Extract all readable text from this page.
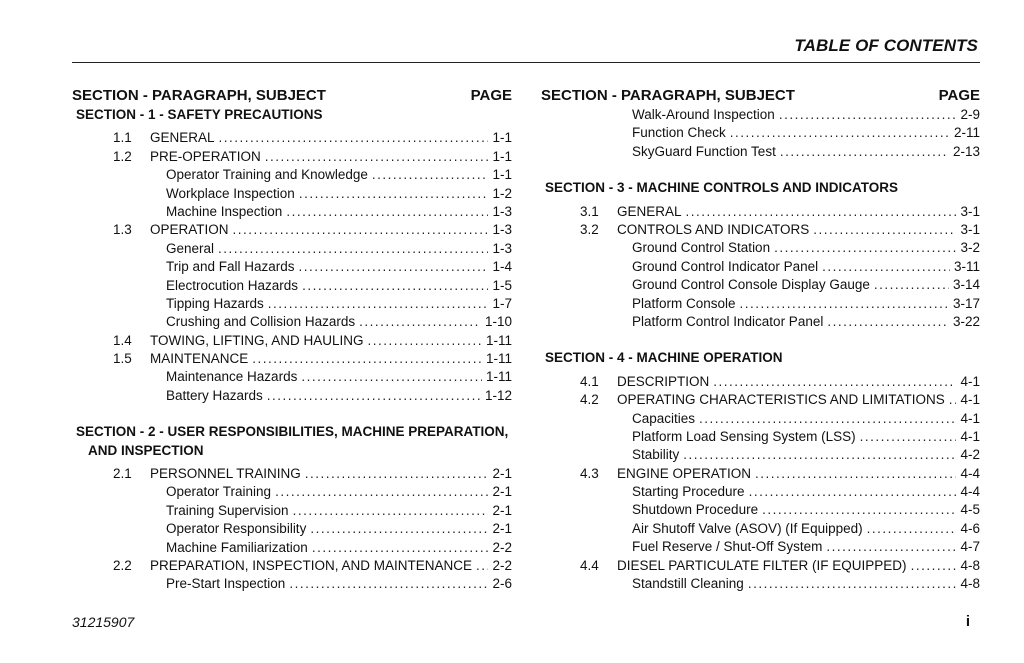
TABLE OF CONTENTS
SECTION - PARAGRAPH, SUBJECT	PAGE
SECTION - 1 - SAFETY PRECAUTIONS
1.1	GENERAL .....	1-1
1.2	PRE-OPERATION .....	1-1
Operator Training and Knowledge .....	1-1
Workplace Inspection .....	1-2
Machine Inspection .....	1-3
1.3	OPERATION .....	1-3
General .....	1-3
Trip and Fall Hazards .....	1-4
Electrocution Hazards .....	1-5
Tipping Hazards .....	1-7
Crushing and Collision Hazards .....	1-10
1.4	TOWING, LIFTING, AND HAULING .....	1-11
1.5	MAINTENANCE .....	1-11
Maintenance Hazards .....	1-11
Battery Hazards .....	1-12
SECTION - 2 - USER RESPONSIBILITIES, MACHINE PREPARATION,
AND INSPECTION
2.1	PERSONNEL TRAINING .....	2-1
Operator Training .....	2-1
Training Supervision .....	2-1
Operator Responsibility .....	2-1
Machine Familiarization .....	2-2
2.2	PREPARATION, INSPECTION, AND MAINTENANCE ..... 2-2
Pre-Start Inspection .....	2-6
SECTION - PARAGRAPH, SUBJECT	PAGE
Walk-Around Inspection .....	2-9
Function Check .....	2-11
SkyGuard Function Test .....	2-13
SECTION - 3 - MACHINE CONTROLS AND INDICATORS
3.1	GENERAL .....	3-1
3.2	CONTROLS AND INDICATORS .....	3-1
Ground Control Station .....	3-2
Ground Control Indicator Panel .....	3-11
Ground Control Console Display Gauge .....	3-14
Platform Console .....	3-17
Platform Control Indicator Panel .....	3-22
SECTION - 4 - MACHINE OPERATION
4.1	DESCRIPTION .....	4-1
4.2	OPERATING CHARACTERISTICS AND LIMITATIONS ..... 4-1
Capacities .....	4-1
Platform Load Sensing System (LSS) .....	4-1
Stability .....	4-2
4.3	ENGINE OPERATION .....	4-4
Starting Procedure .....	4-4
Shutdown Procedure .....	4-5
Air Shutoff Valve (ASOV) (If Equipped) .....	4-6
Fuel Reserve / Shut-Off System .....	4-7
4.4	DIESEL PARTICULATE FILTER (IF EQUIPPED) .....	4-8
Standstill Cleaning .....	4-8
31215907	i
